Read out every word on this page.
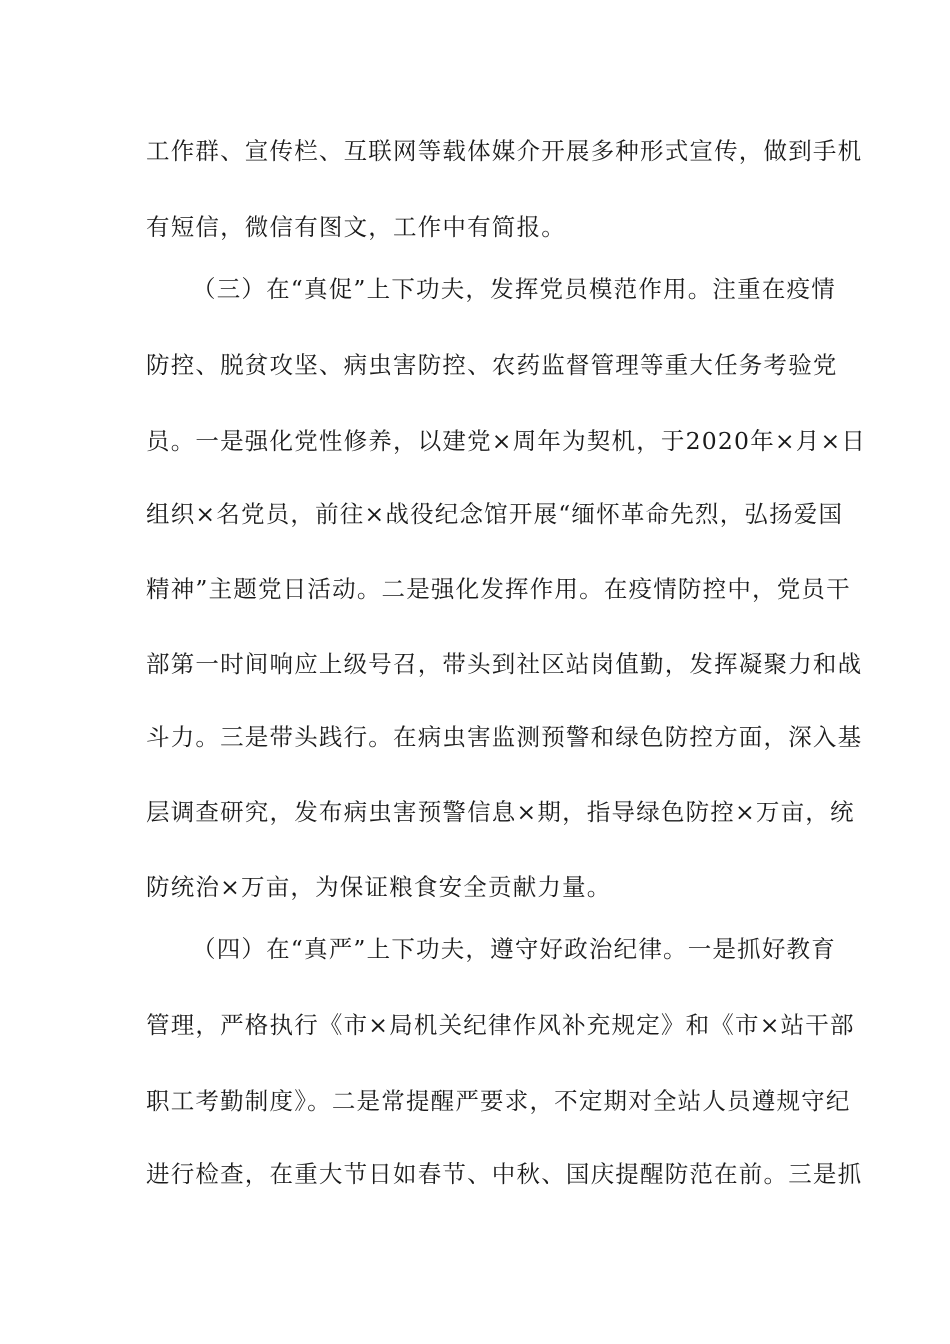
工作群、宣传栏、互联网等载体媒介开展多种形式宣传，做到手机
有短信，微信有图文，工作中有简报。
（三）在“真促”上下功夫，发挥党员模范作用。注重在疫情
防控、脱贫攻坚、病虫害防控、农药监督管理等重大任务考验党
员。一是强化党性修养，以建党×周年为契机，于2020年×月×日
组织×名党员，前往×战役纪念馆开展“缅怀革命先烈，弘扬爱国
精神”主题党日活动。二是强化发挥作用。在疫情防控中，党员干
部第一时间响应上级号召，带头到社区站岗值勤，发挥凝聚力和战
斗力。三是带头践行。在病虫害监测预警和绿色防控方面，深入基
层调查研究，发布病虫害预警信息×期，指导绿色防控×万亩，统
防统治×万亩，为保证粮食安全贡献力量。
（四）在“真严”上下功夫，遵守好政治纪律。一是抓好教育
管理，严格执行《市×局机关纪律作风补充规定》和《市×站干部
职工考勤制度》。二是常提醒严要求，不定期对全站人员遵规守纪
进行检查，在重大节日如春节、中秋、国庆提醒防范在前。三是抓
